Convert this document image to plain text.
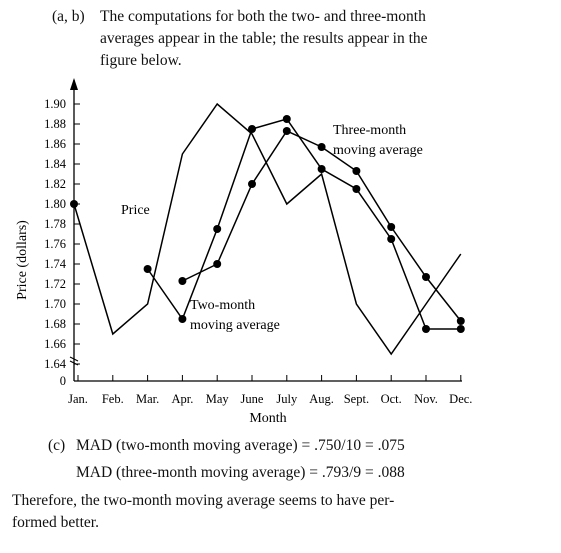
(a, b) The computations for both the two- and three-month
averages appear in the table; the results appear in the
figure below.
1.90
1.88
1.86
1.84
1.82
1.80
1.78
1.76
1.74
1.72
1.70
1.68
1.66
1.64
0
Jan. Feb. Mar. Apr. May June July Aug. Sept. Oct. Nov. Dec.
Price
Three-month
moving average
Two-month
moving average
Price (dollars)
Month
(c) MAD (two-month moving average) = .750/10 = .075
MAD (three-month moving average) = .793/9 = .088
Therefore, the two-month moving average seems to have per-
formed better.
